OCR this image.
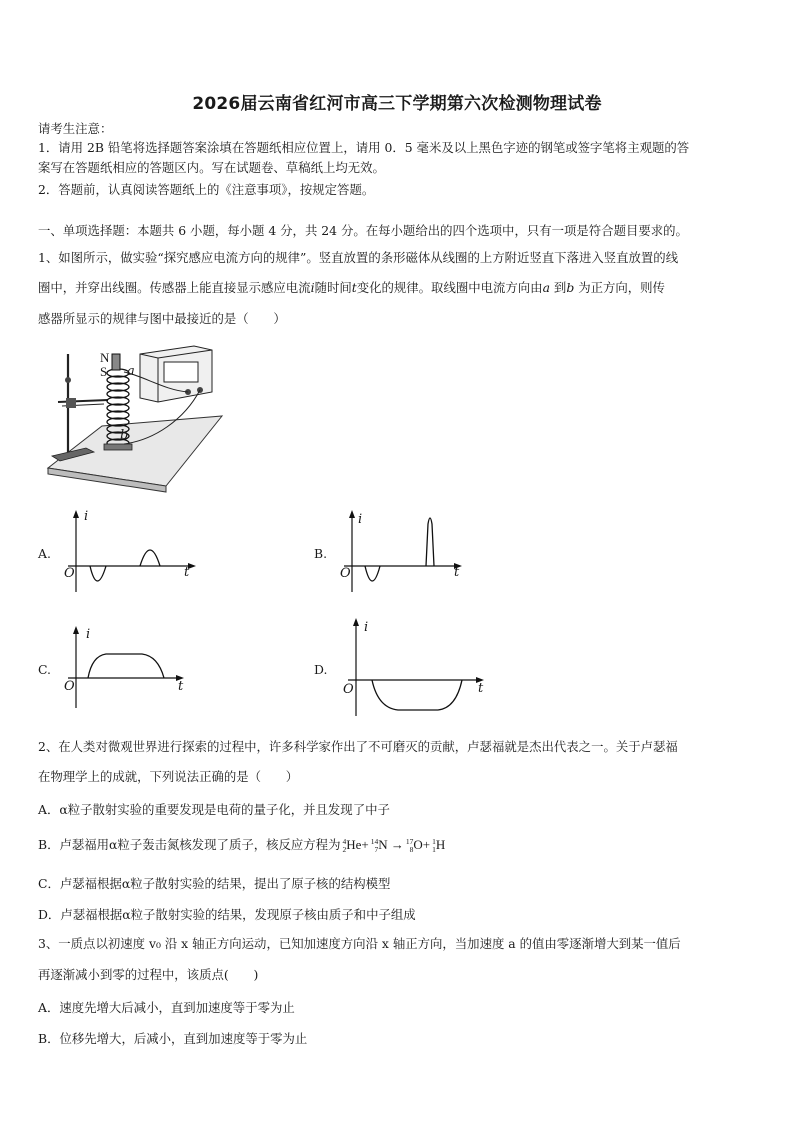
2026届云南省红河市高三下学期第六次检测物理试卷
请考生注意：
1．请用 2B 铅笔将选择题答案涂填在答题纸相应位置上，请用 0．5 毫米及以上黑色字迹的钢笔或签字笔将主观题的答
案写在答题纸相应的答题区内。写在试题卷、草稿纸上均无效。
2．答题前，认真阅读答题纸上的《注意事项》，按规定答题。
一、单项选择题：本题共 6 小题，每小题 4 分，共 24 分。在每小题给出的四个选项中，只有一项是符合题目要求的。
1、如图所示，做实验“探究感应电流方向的规律”。竖直放置的条形磁体从线圈的上方附近竖直下落进入竖直放置的线
圈中，并穿出线圈。传感器上能直接显示感应电流i随时间t变化的规律。取线圈中电流方向由a 到b 为正方向，则传
感器所显示的规律与图中最接近的是（　　）
N
S a
b
A.
i
t
O
B.
i
t
O
C.
i
t
O
D.
i
t
O
2、在人类对微观世界进行探索的过程中，许多科学家作出了不可磨灭的贡献，卢瑟福就是杰出代表之一。关于卢瑟福
在物理学上的成就，下列说法正确的是（　　）
A．α粒子散射实验的重要发现是电荷的量子化，并且发现了中子
B．卢瑟福用α粒子轰击氮核发现了质子，核反应方程为 4
2 He+ 14
7 N → 17
8 O+ 1
1 H
C．卢瑟福根据α粒子散射实验的结果，提出了原子核的结构模型
D．卢瑟福根据α粒子散射实验的结果，发现原子核由质子和中子组成
3、一质点以初速度 v₀ 沿 x 轴正方向运动，已知加速度方向沿 x 轴正方向，当加速度 a 的值由零逐渐增大到某一值后
再逐渐减小到零的过程中，该质点(　　)
A．速度先增大后减小，直到加速度等于零为止
B．位移先增大，后减小，直到加速度等于零为止
